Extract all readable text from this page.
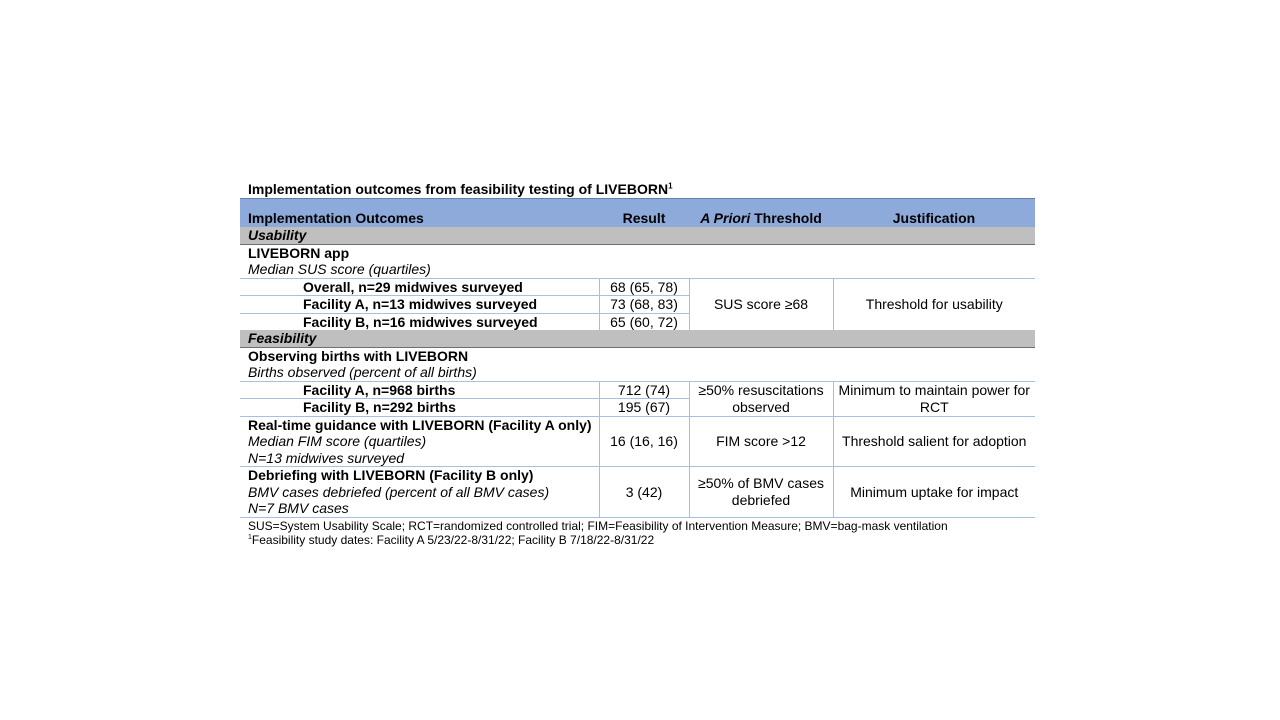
Implementation outcomes from feasibility testing of LIVEBORN$^1$
Implementation Outcomes	Result	A Priori Threshold	Justification
Usability			
LIVEBORN app			
Median SUS score (quartiles)			
Overall, n=29 midwives surveyed	68 (65, 78)	SUS score ≥68	Threshold for usability
Facility A, n=13 midwives surveyed	73 (68, 83)		
Facility B, n=16 midwives surveyed	65 (60, 72)		
Feasibility			
Observing births with LIVEBORN			
Births observed (percent of all births)			
Facility A, n=968 births	712 (74)	≥50% resuscitations observed	Minimum to maintain power for RCT
Facility B, n=292 births	195 (67)		

Real-time guidance with LIVEBORN (Facility A only)
Median FIM score (quartiles)
N=13 midwives surveyed	16 (16, 16)	FIM score >12	Threshold salient for adoption

Debriefing with LIVEBORN (Facility B only)
BMV cases debriefed (percent of all BMV cases)
N=7 BMV cases	3 (42)	≥50% of BMV cases debriefed	Minimum uptake for impact
SUS=System Usability Scale; RCT=randomized controlled trial; FIM=Feasibility of Intervention Measure; BMV=bag-mask ventilation
$^1$Feasibility study dates: Facility A 5/23/22-8/31/22; Facility B 7/18/22-8/31/22
